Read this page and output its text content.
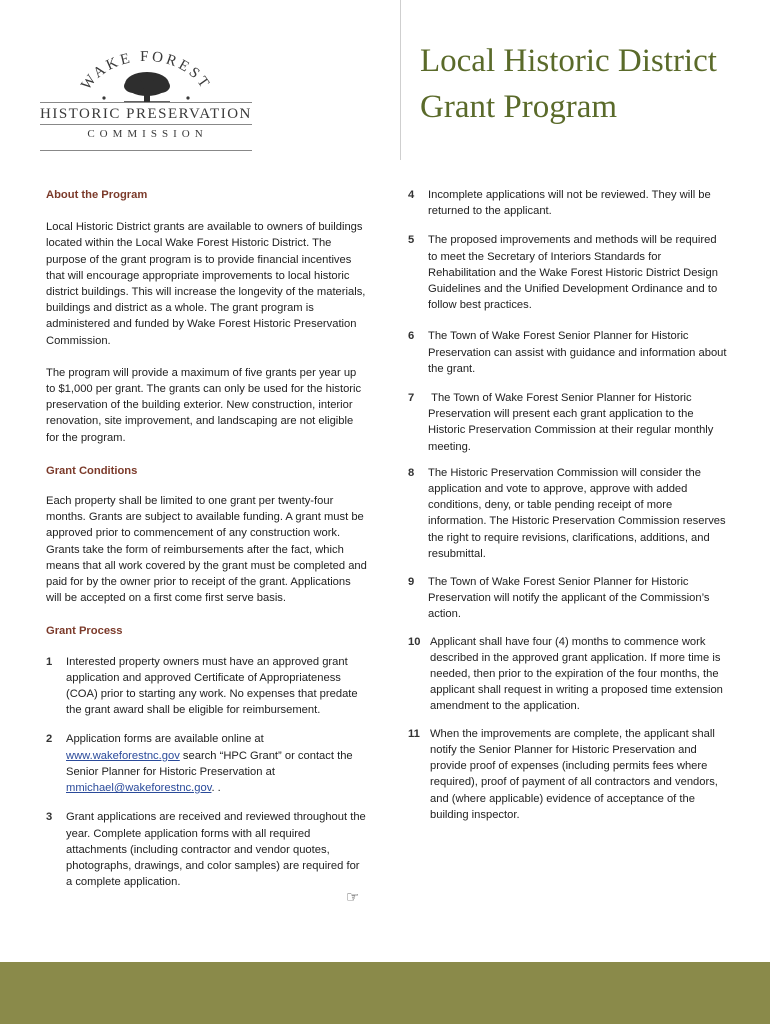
WAKE FOREST
HISTORIC PRESERVATION
COMMISSION
Local Historic District
Grant Program

About the Program

Local Historic District grants are available to owners of buildings located within the Local Wake Forest Historic District. The purpose of the grant program is to provide financial incentives that will encourage appropriate improvements to local historic district buildings. This will increase the longevity of the materials, buildings and district as a whole. The grant program is administered and funded by Wake Forest Historic Preservation Commission.

The program will provide a maximum of five grants per year up to $1,000 per grant. The grants can only be used for the historic preservation of the building exterior. New construction, interior renovation, site improvement, and landscaping are not eligible for the program.

Grant Conditions

Each property shall be limited to one grant per twenty-four months. Grants are subject to available funding. A grant must be approved prior to commencement of any construction work. Grants take the form of reimbursements after the fact, which means that all work covered by the grant must be completed and paid for by the owner prior to receipt of the grant. Applications will be accepted on a first come first serve basis.

Grant Process

1	Interested property owners must have an approved grant application and approved Certificate of Appropriateness (COA) prior to starting any work. No expenses that predate the grant award shall be eligible for reimbursement.
2	Application forms are available online at
www.wakeforestnc.gov search “HPC Grant” or contact the Senior Planner for Historic Preservation at
mmichael@wakeforestnc.gov. .
3	Grant applications are received and reviewed throughout the year. Complete application forms with all required attachments (including contractor and vendor quotes, photographs, drawings, and color samples) are required for a complete application.
4	Incomplete applications will not be reviewed. They will be returned to the applicant.
5	The proposed improvements and methods will be required to meet the Secretary of Interiors Standards for Rehabilitation and the Wake Forest Historic District Design Guidelines and the Unified Development Ordinance and to follow best practices.
6	The Town of Wake Forest Senior Planner for Historic Preservation can assist with guidance and information about the grant.
7	The Town of Wake Forest Senior Planner for Historic Preservation will present each grant application to the Historic Preservation Commission at their regular monthly meeting.
8	The Historic Preservation Commission will consider the application and vote to approve, approve with added conditions, deny, or table pending receipt of more information. The Historic Preservation Commission reserves the right to require revisions, clarifications, additions, and resubmittal.
9	The Town of Wake Forest Senior Planner for Historic Preservation will notify the applicant of the Commission’s action.
10 Applicant shall have four (4) months to commence work described in the approved grant application. If more time is needed, then prior to the expiration of the four months, the applicant shall request in writing a proposed time extension amendment to the application.
11 When the improvements are complete, the applicant shall notify the Senior Planner for Historic Preservation and provide proof of expenses (including permits fees where required), proof of payment of all contractors and vendors, and (where applicable) evidence of acceptance of the building inspector.
☞
